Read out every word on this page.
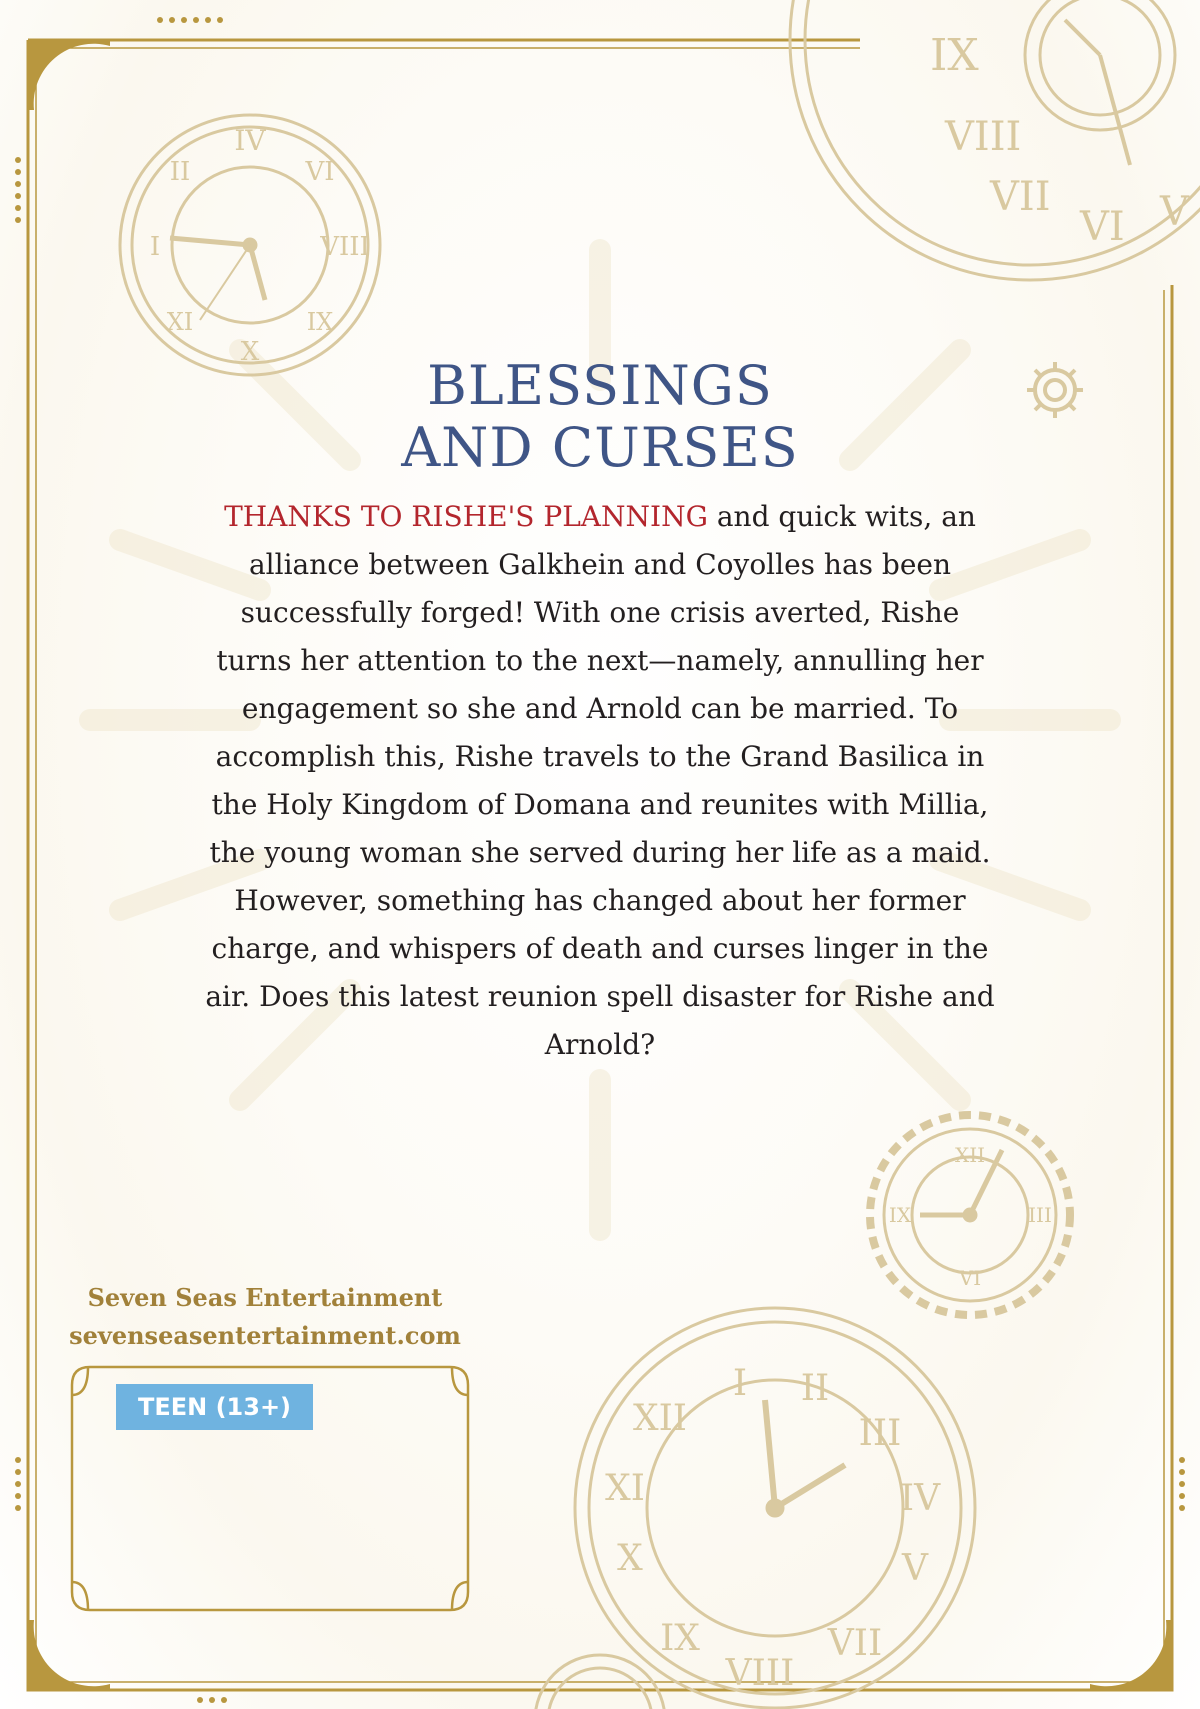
IV
VI
II
VIII
I
X
IX
XI
IX
VIII
VII
VI V
XII
III
VI
IX
I II
III
IV
V
XII
XI
X
IX
VIII
VII
BLESSINGS
AND CURSES
THANKS TO RISHE'S PLANNING and quick wits, an alliance between Galkhein and Coyolles has been successfully forged! With one crisis averted, Rishe turns her attention to the next—namely, annulling her engagement so she and Arnold can be married. To accomplish this, Rishe travels to the Grand Basilica in the Holy Kingdom of Domana and reunites with Millia, the young woman she served during her life as a maid. However, something has changed about her former charge, and whispers of death and curses linger in the air. Does this latest reunion spell disaster for Rishe and Arnold?
Seven Seas Entertainment
sevenseasentertainment.com
TEEN (13+)
